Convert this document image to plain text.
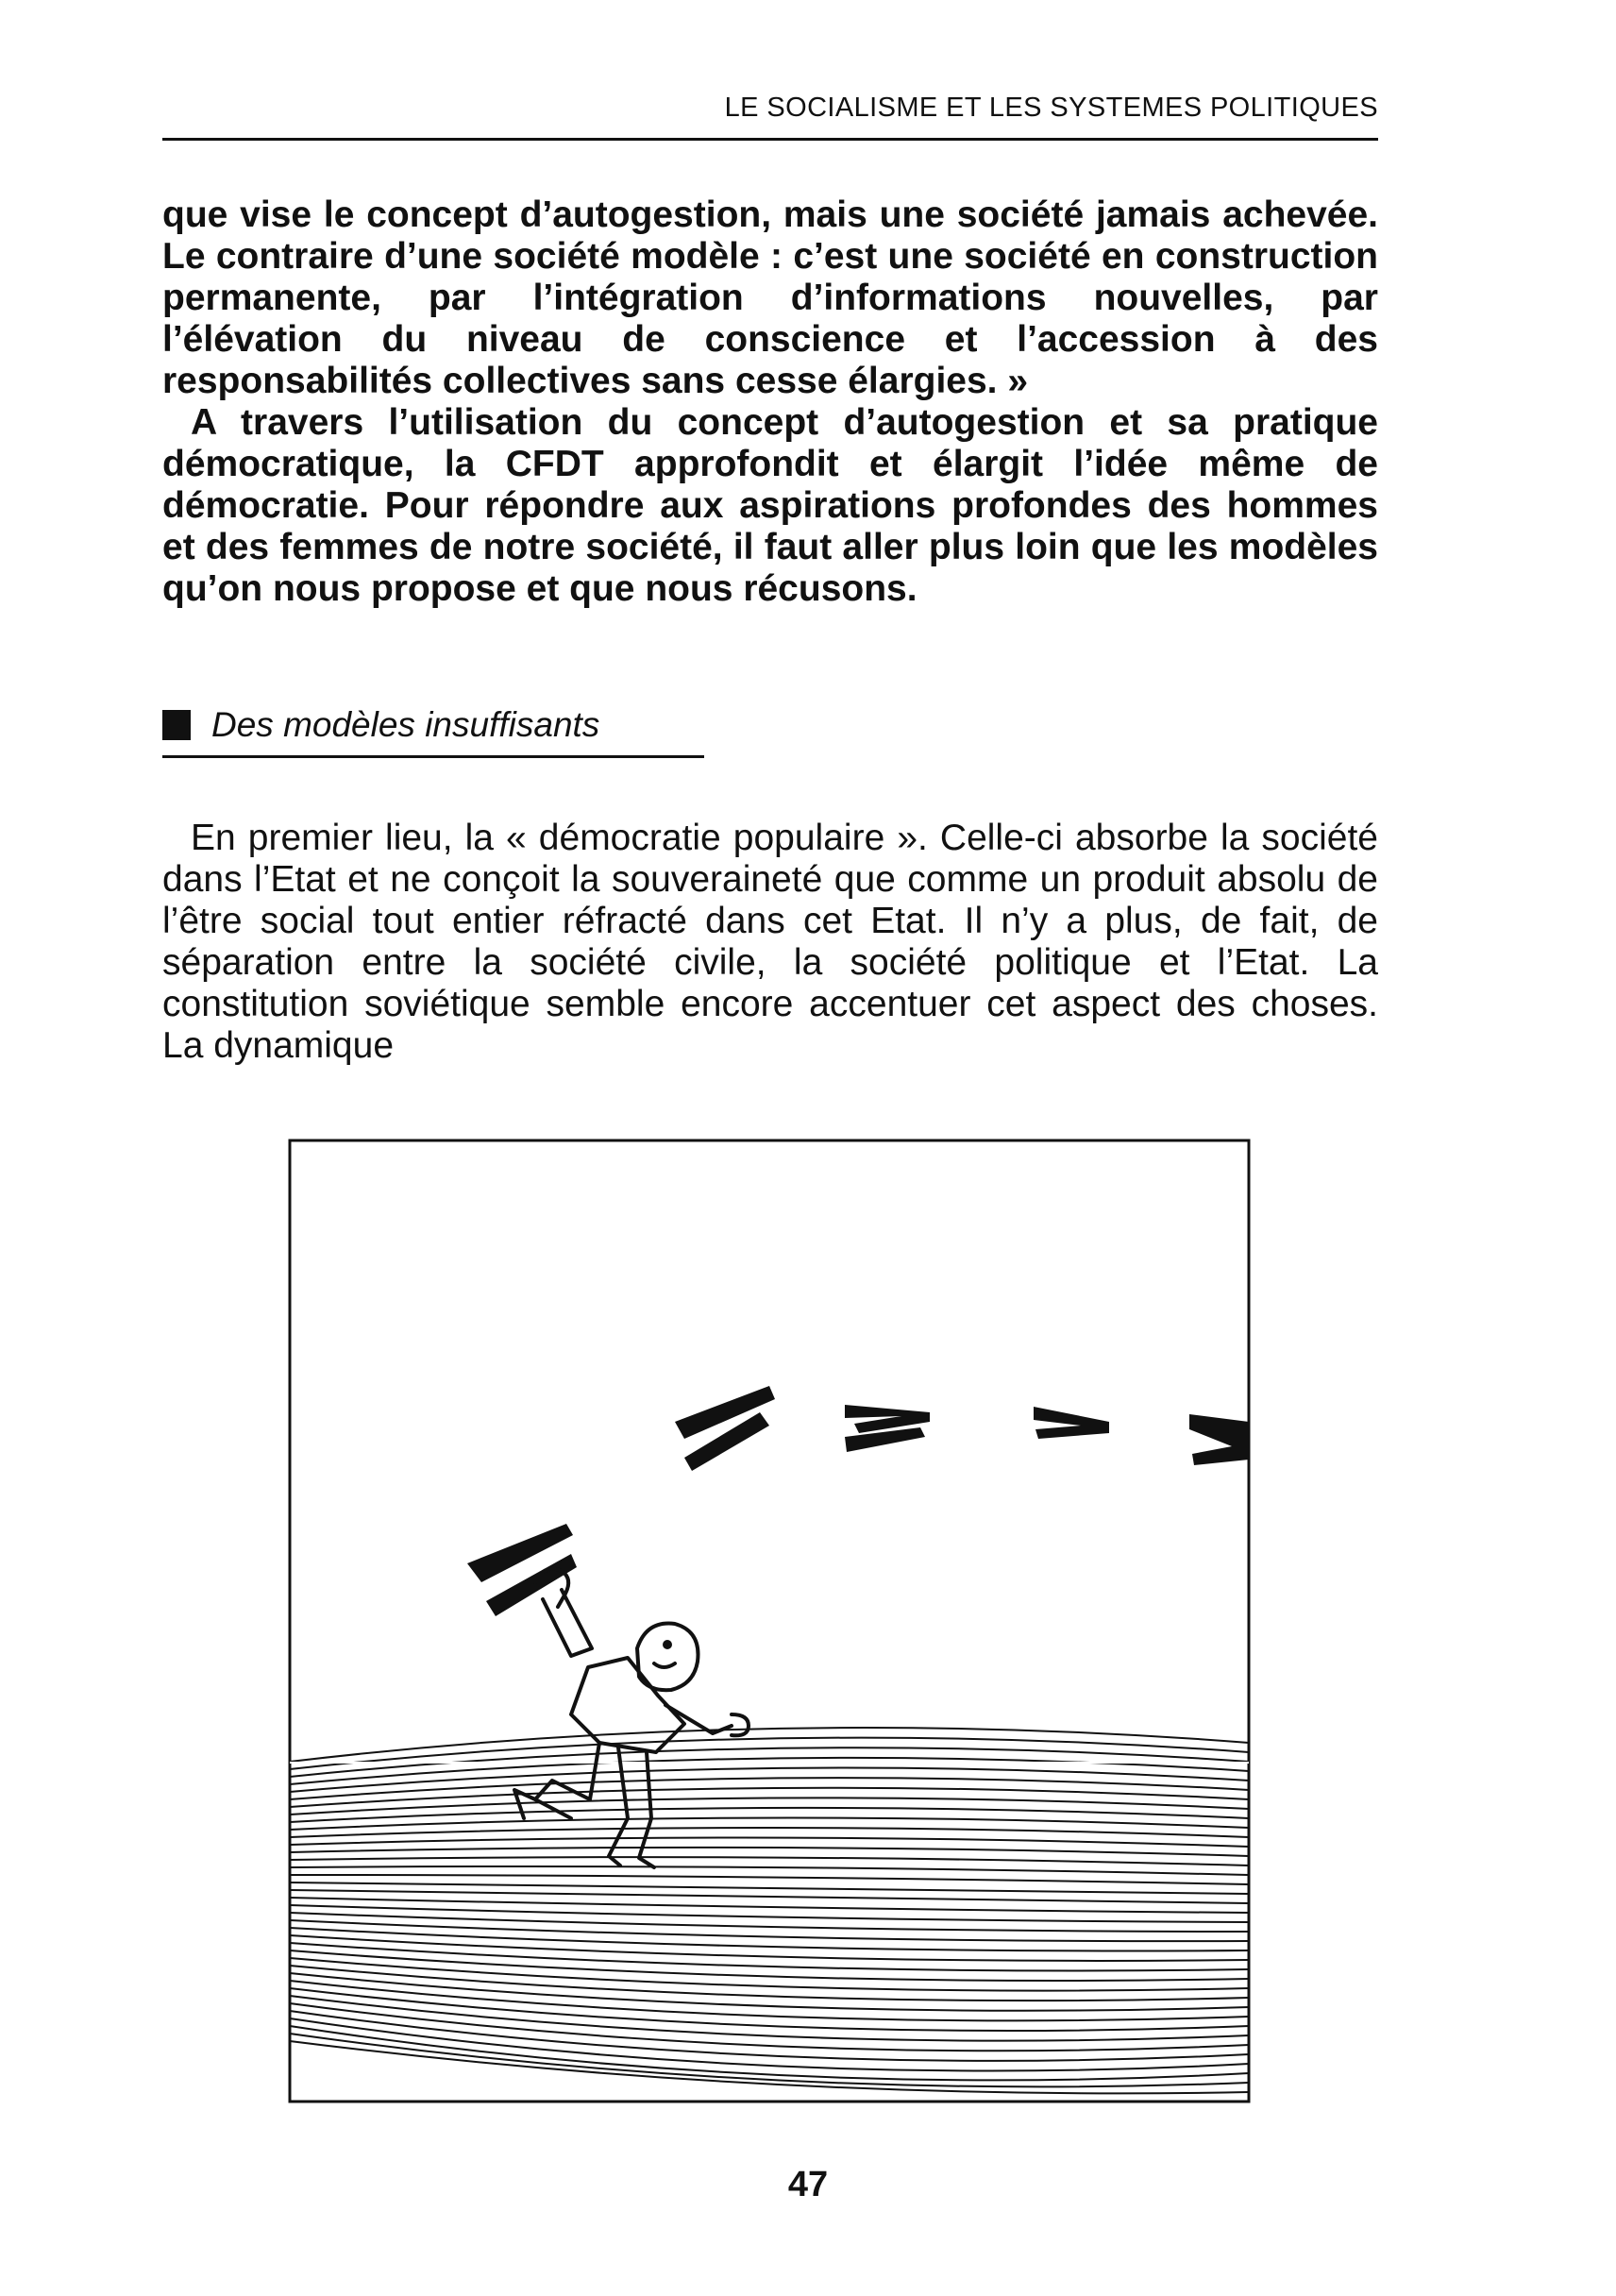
LE SOCIALISME ET LES SYSTEMES POLITIQUES

que vise le concept d’autogestion, mais une société jamais achevée. Le contraire d’une société modèle : c’est une société en construction permanente, par l’intégration d’informations nouvelles, par l’élévation du niveau de conscience et l’accession à des responsabilités collectives sans cesse élargies. »

A travers l’utilisation du concept d’autogestion et sa pratique démocratique, la CFDT approfondit et élargit l’idée même de démocratie. Pour répondre aux aspirations profondes des hommes et des femmes de notre société, il faut aller plus loin que les modèles qu’on nous propose et que nous récusons.

Des modèles insuffisants

En premier lieu, la « démocratie populaire ». Celle-ci absorbe la société dans l’Etat et ne conçoit la souveraineté que comme un produit absolu de l’être social tout entier réfracté dans cet Etat. Il n’y a plus, de fait, de séparation entre la société civile, la société politique et l’Etat. La constitution soviétique semble encore accentuer cet aspect des choses. La dynamique

47
